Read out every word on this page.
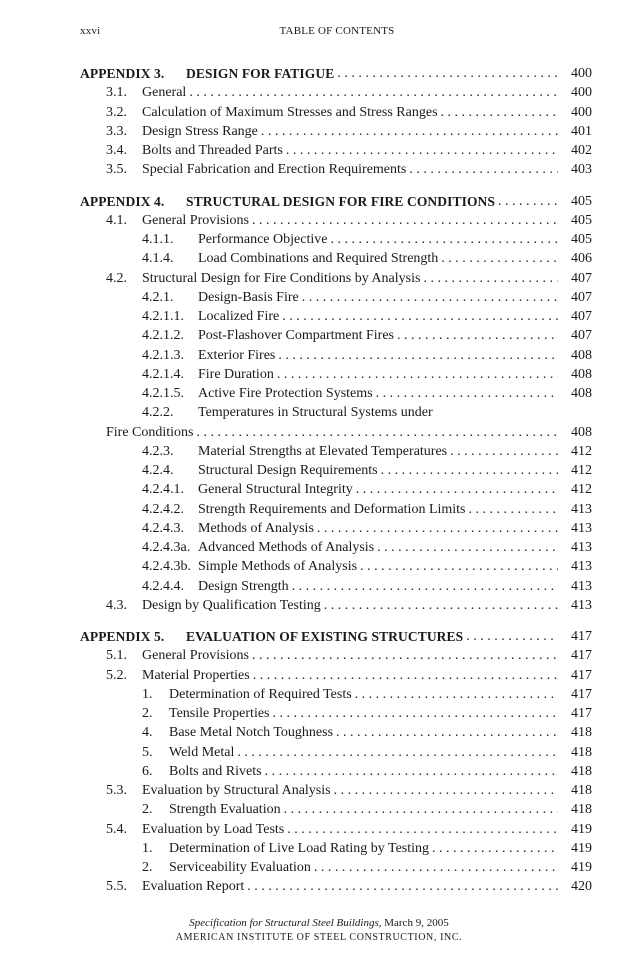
xxvi	TABLE OF CONTENTS
APPENDIX 3. DESIGN FOR FATIGUE . . .	400
3.1. General . . .	400
3.2. Calculation of Maximum Stresses and Stress Ranges . . .	400
3.3. Design Stress Range . . .	401
3.4. Bolts and Threaded Parts . . .	402
3.5. Special Fabrication and Erection Requirements . . .	403
APPENDIX 4. STRUCTURAL DESIGN FOR FIRE CONDITIONS . . .	405
4.1. General Provisions . . .	405
4.1.1. Performance Objective . . .	405
4.1.4. Load Combinations and Required Strength . . .	406
4.2. Structural Design for Fire Conditions by Analysis . . .	407
4.2.1. Design-Basis Fire . . .	407
4.2.1.1. Localized Fire . . .	407
4.2.1.2. Post-Flashover Compartment Fires . . .	407
4.2.1.3. Exterior Fires . . .	408
4.2.1.4. Fire Duration . . .	408
4.2.1.5. Active Fire Protection Systems . . .	408
4.2.2. Temperatures in Structural Systems under
Fire Conditions . . .	408
4.2.3. Material Strengths at Elevated Temperatures . . .	412
4.2.4. Structural Design Requirements . . .	412
4.2.4.1. General Structural Integrity . . .	412
4.2.4.2. Strength Requirements and Deformation Limits . . .	413
4.2.4.3. Methods of Analysis . . .	413
4.2.4.3a. Advanced Methods of Analysis . . .	413
4.2.4.3b. Simple Methods of Analysis . . .	413
4.2.4.4. Design Strength . . .	413
4.3. Design by Qualification Testing . . .	413
APPENDIX 5. EVALUATION OF EXISTING STRUCTURES . . .	417
5.1. General Provisions . . .	417
5.2. Material Properties . . .	417
1. Determination of Required Tests . . .	417
2. Tensile Properties . . .	417
4. Base Metal Notch Toughness . . .	418
5. Weld Metal . . .	418
6. Bolts and Rivets . . .	418
5.3. Evaluation by Structural Analysis . . .	418
2. Strength Evaluation . . .	418
5.4. Evaluation by Load Tests . . .	419
1. Determination of Live Load Rating by Testing . . .	419
2. Serviceability Evaluation . . .	419
5.5. Evaluation Report . . .	420
Specification for Structural Steel Buildings, March 9, 2005
AMERICAN INSTITUTE OF STEEL CONSTRUCTION, INC.
